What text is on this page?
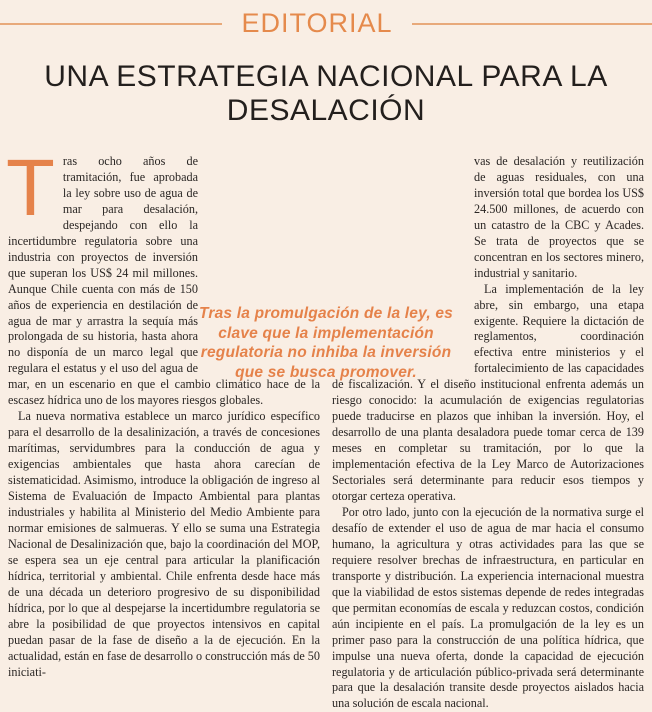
EDITORIAL
UNA ESTRATEGIA NACIONAL PARA LA DESALACIÓN
T ras ocho años de tramitación, fue aprobada la ley sobre uso de agua de mar para desalación, despejando con ello la incertidumbre regulatoria sobre una industria con proyectos de inversión que superan los US$ 24 mil millones. Aunque Chile cuenta con más de 150 años de experiencia en destilación de agua de mar y arrastra la sequía más prolongada de su historia, hasta ahora no disponía de un marco legal que regulara el estatus y el uso del agua de mar, en un escenario en que el cambio climático hace de la escasez hídrica uno de los mayores riesgos globales.

La nueva normativa establece un marco jurídico específico para el desarrollo de la desalinización, a través de concesiones marítimas, servidumbres para la conducción de agua y exigencias ambientales que hasta ahora carecían de sistematicidad. Asimismo, introduce la obligación de ingreso al Sistema de Evaluación de Impacto Ambiental para plantas industriales y habilita al Ministerio del Medio Ambiente para normar emisiones de salmueras. Y ello se suma una Estrategia Nacional de Desalinización que, bajo la coordinación del MOP, se espera sea un eje central para articular la planificación hídrica, territorial y ambiental. Chile enfrenta desde hace más de una década un deterioro progresivo de su disponibilidad hídrica, por lo que al despejarse la incertidumbre regulatoria se abre la posibilidad de que proyectos intensivos en capital puedan pasar de la fase de diseño a la de ejecución. En la actualidad, están en fase de desarrollo o construcción más de 50 iniciati-

vas de desalación y reutilización de aguas residuales, con una inversión total que bordea los US$ 24.500 millones, de acuerdo con un catastro de la CBC y Acades. Se trata de proyectos que se concentran en los sectores minero, industrial y sanitario.

La implementación de la ley abre, sin embargo, una etapa exigente. Requiere la dictación de reglamentos, coordinación efectiva entre ministerios y el fortalecimiento de las capacidades de fiscalización. Y el diseño institucional enfrenta además un riesgo conocido: la acumulación de exigencias regulatorias puede traducirse en plazos que inhiban la inversión. Hoy, el desarrollo de una planta desaladora puede tomar cerca de 139 meses en completar su tramitación, por lo que la implementación efectiva de la Ley Marco de Autorizaciones Sectoriales será determinante para reducir esos tiempos y otorgar certeza operativa.

Por otro lado, junto con la ejecución de la normativa surge el desafío de extender el uso de agua de mar hacia el consumo humano, la agricultura y otras actividades para las que se requiere resolver brechas de infraestructura, en particular en transporte y distribución. La experiencia internacional muestra que la viabilidad de estos sistemas depende de redes integradas que permitan economías de escala y reduzcan costos, condición aún incipiente en el país. La promulgación de la ley es un primer paso para la construcción de una política hídrica, que impulse una nueva oferta, donde la capacidad de ejecución regulatoria y de articulación público-privada será determinante para que la desalación transite desde proyectos aislados hacia una solución de escala nacional.

Tras la promulgación de la ley, es clave que la implementación regulatoria no inhiba la inversión que se busca promover.
